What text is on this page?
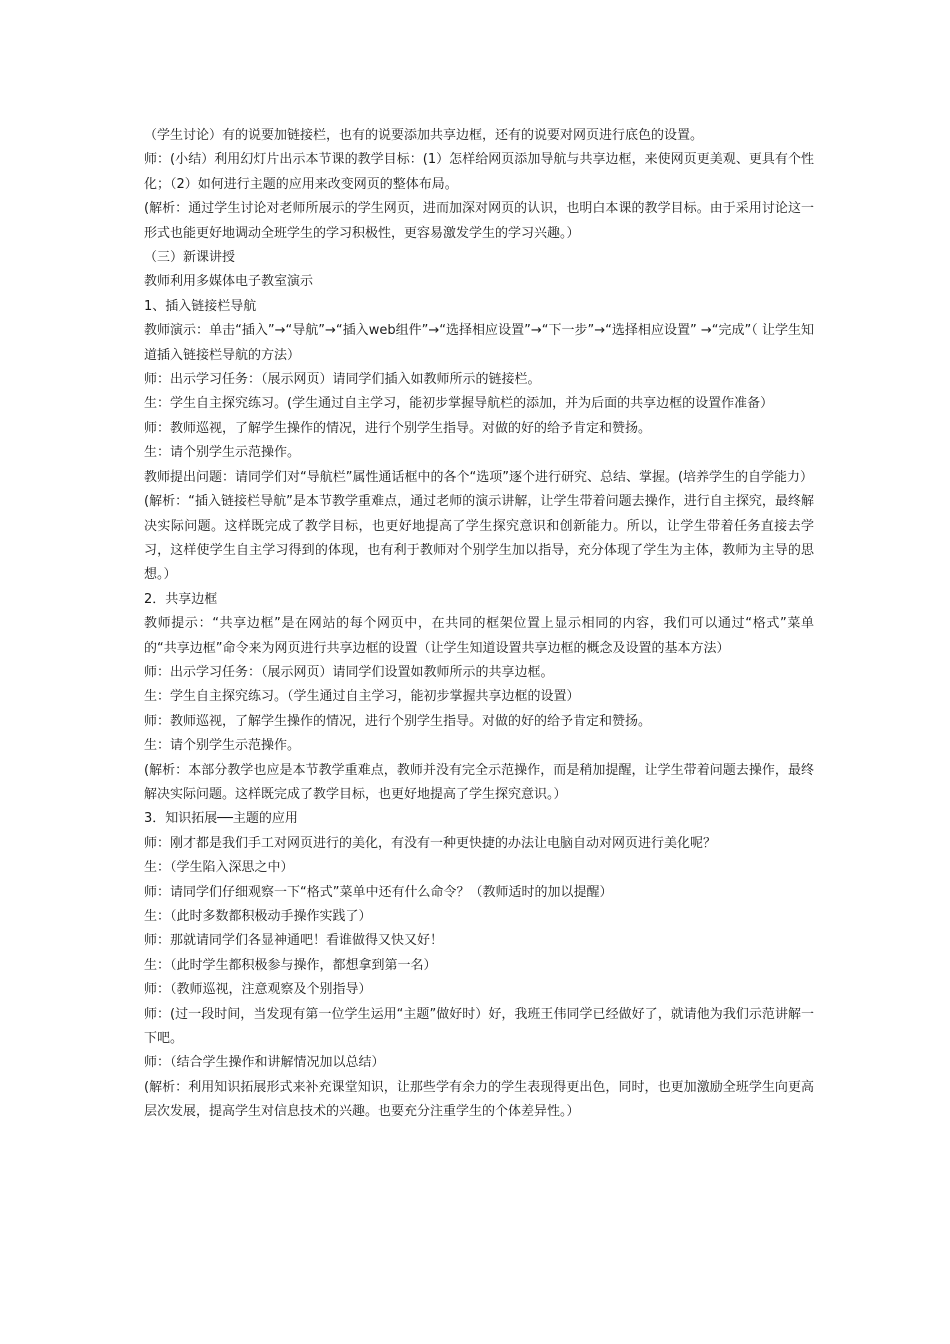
（学生讨论）有的说要加链接栏，也有的说要添加共享边框，还有的说要对网页进行底色的设置。

师：(小结）利用幻灯片出示本节课的教学目标：(1）怎样给网页添加导航与共享边框，来使网页更美观、更具有个性化；（2）如何进行主题的应用来改变网页的整体布局。

(解析：通过学生讨论对老师所展示的学生网页，进而加深对网页的认识，也明白本课的教学目标。由于采用讨论这一形式也能更好地调动全班学生的学习积极性，更容易激发学生的学习兴趣。）

（三）新课讲授

教师利用多媒体电子教室演示

1、插入链接栏导航

教师演示：单击“插入”→“导航”→“插入web组件”→“选择相应设置”→“下一步”→“选择相应设置” →“完成”（ 让学生知道插入链接栏导航的方法）

师：出示学习任务：（展示网页）请同学们插入如教师所示的链接栏。

生：学生自主探究练习。(学生通过自主学习，能初步掌握导航栏的添加，并为后面的共享边框的设置作准备）

师：教师巡视，了解学生操作的情况，进行个别学生指导。对做的好的给予肯定和赞扬。

生：请个别学生示范操作。

教师提出问题：请同学们对“导航栏”属性通话框中的各个“选项”逐个进行研究、总结、掌握。(培养学生的自学能力）

(解析：“插入链接栏导航”是本节教学重难点，通过老师的演示讲解，让学生带着问题去操作，进行自主探究，最终解决实际问题。这样既完成了教学目标，也更好地提高了学生探究意识和创新能力。所以，让学生带着任务直接去学习，这样使学生自主学习得到的体现，也有利于教师对个别学生加以指导，充分体现了学生为主体，教师为主导的思想。）

2．共享边框

教师提示：“共享边框”是在网站的每个网页中，在共同的框架位置上显示相同的内容，我们可以通过“格式”菜单的“共享边框”命令来为网页进行共享边框的设置（让学生知道设置共享边框的概念及设置的基本方法）

师：出示学习任务：（展示网页）请同学们设置如教师所示的共享边框。

生：学生自主探究练习。（学生通过自主学习，能初步掌握共享边框的设置）

师：教师巡视，了解学生操作的情况，进行个别学生指导。对做的好的给予肯定和赞扬。

生：请个别学生示范操作。

(解析：本部分教学也应是本节教学重难点，教师并没有完全示范操作，而是稍加提醒，让学生带着问题去操作，最终解决实际问题。这样既完成了教学目标，也更好地提高了学生探究意识。）

3．知识拓展──主题的应用

师：刚才都是我们手工对网页进行的美化，有没有一种更快捷的办法让电脑自动对网页进行美化呢？

生：（学生陷入深思之中）

师：请同学们仔细观察一下“格式”菜单中还有什么命令？（教师适时的加以提醒）

生：（此时多数都积极动手操作实践了）

师：那就请同学们各显神通吧！看谁做得又快又好！

生：（此时学生都积极参与操作，都想拿到第一名）

师：（教师巡视，注意观察及个别指导）

师：(过一段时间，当发现有第一位学生运用“主题”做好时）好，我班王伟同学已经做好了，就请他为我们示范讲解一下吧。

师：（结合学生操作和讲解情况加以总结）

(解析：利用知识拓展形式来补充课堂知识，让那些学有余力的学生表现得更出色，同时，也更加激励全班学生向更高层次发展，提高学生对信息技术的兴趣。也要充分注重学生的个体差异性。）
